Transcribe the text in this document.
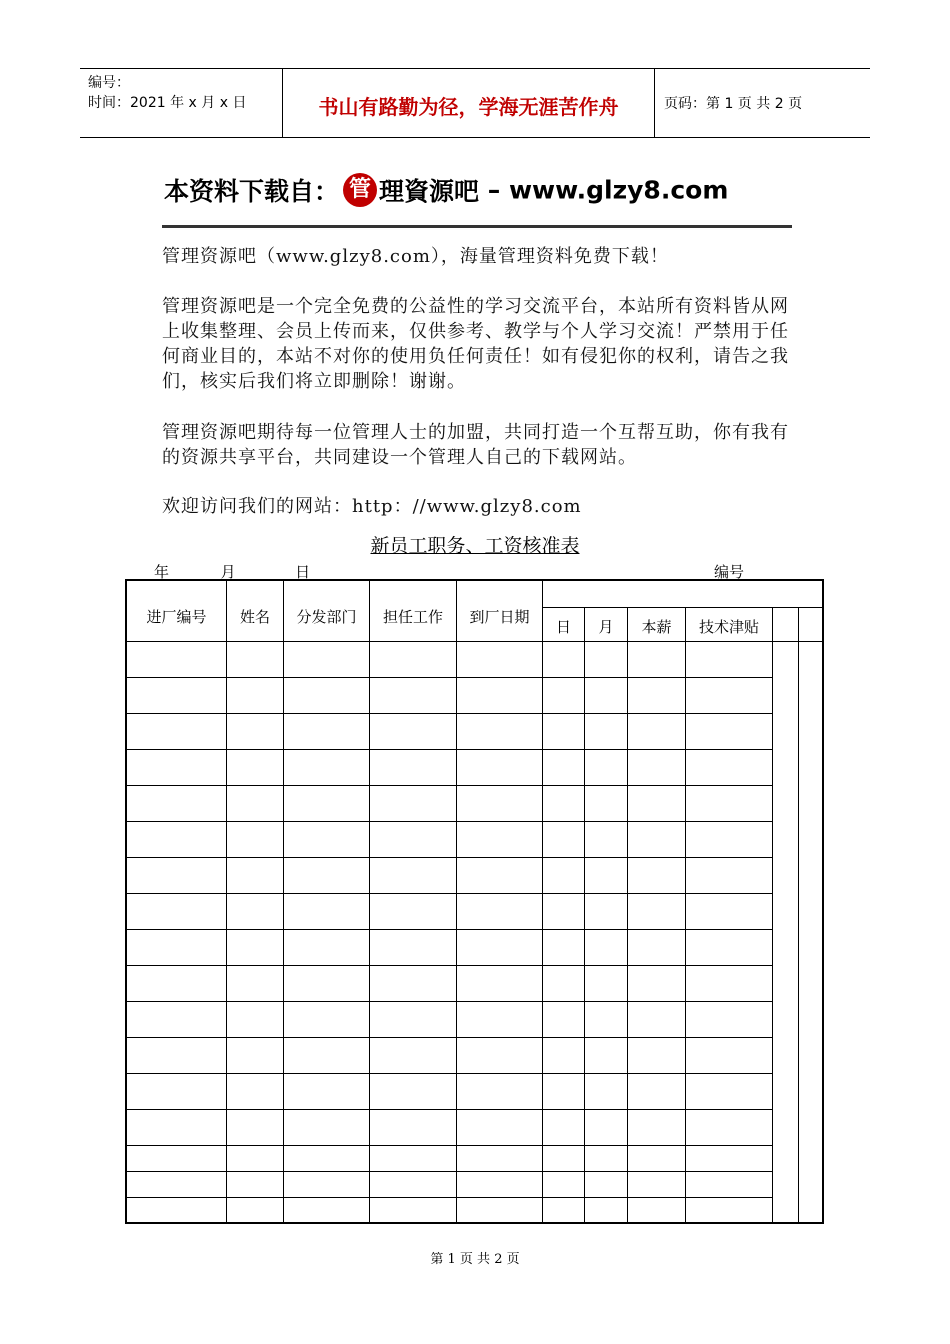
编号：
时间：2021 年 x 月 x 日	书山有路勤为径，学海无涯苦作舟	页码：第 1 页 共 2 页
本资料下载自： 管 理資源吧 – www.glzy8.com
管理资源吧（www.glzy8.com），海量管理资料免费下载！
管理资源吧是一个完全免费的公益性的学习交流平台，本站所有资料皆从网上收集整理、会员上传而来，仅供参考、教学与个人学习交流！严禁用于任何商业目的，本站不对你的使用负任何责任！如有侵犯你的权利，请告之我们，核实后我们将立即删除！谢谢。
管理资源吧期待每一位管理人士的加盟，共同打造一个互帮互助，你有我有的资源共享平台，共同建设一个管理人自己的下载网站。
欢迎访问我们的网站：http：//www.glzy8.com
新员工职务、工资核准表
年	月	日	编号
进厂编号	姓名	分发部门	担任工作	到厂日期
日	月	本薪	技术津贴
第 1 页 共 2 页
